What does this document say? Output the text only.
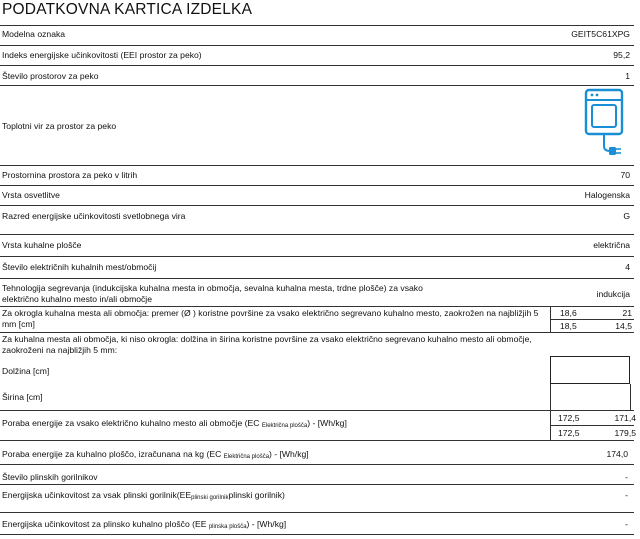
PODATKOVNA KARTICA IZDELKA
Modelna oznaka	GEIT5C61XPG
Indeks energijske učinkovitosti (EEI prostor za peko)	95,2
Število prostorov za peko	1
Toplotni vir za prostor za peko
Prostornina prostora za peko v litrih	70
Vrsta osvetlitve	Halogenska
Razred energijske učinkovitosti svetlobnega vira	G
Vrsta kuhalne plošče	električna
Število električnih kuhalnih mest/območij	4
Tehnologija segrevanja (indukcijska kuhalna mesta in območja, sevalna kuhalna mesta, trdne plošče) za vsako električno kuhalno mesto in/ali območje	indukcija
Za okrogla kuhalna mesta ali območja: premer (Ø ) koristne površine za vsako električno segrevano kuhalno mesto, zaokrožen na najbližjih 5 mm [cm]
18,6	21
18,5	14,5
Za kuhalna mesta ali območja, ki niso okrogla: dolžina in širina koristne površine za vsako električno segrevano kuhalno mesto ali območje, zaokroženi na najbližjih 5 mm:
Dolžina [cm]
Širina [cm]
Poraba energije za vsako električno kuhalno mesto ali območje (EC $_{Električna plošča}$) - [Wh/kg]	172,5	171,4
172,5	179,5
Poraba energije za kuhalno ploščo, izračunana na kg (EC $_{Električna plošča}$) - [Wh/kg]	174,0
Število plinskih gorilnikov	-
Energijska učinkovitost za vsak plinski $gorilnik(EE_{plinski gorilnik}plinski$ gorilnik)	-
Energijska učinkovitost za plinsko kuhalno ploščo (EE $_{plinska plošča}$) - [Wh/kg]	-
